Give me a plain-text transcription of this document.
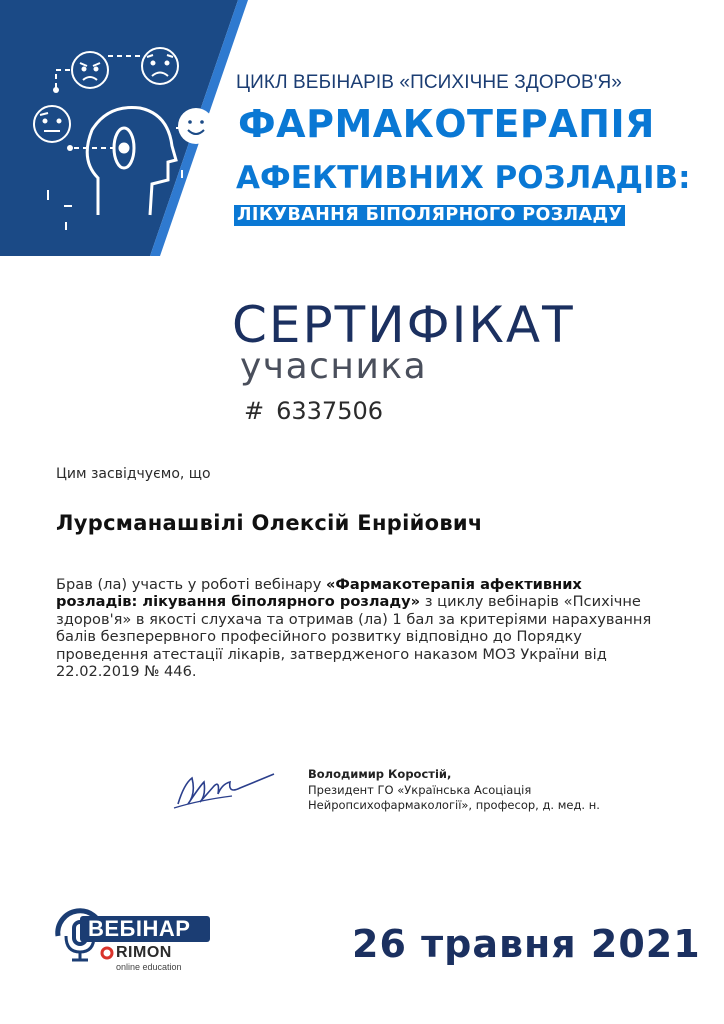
ЦИКЛ ВЕБІНАРІВ «ПСИХІЧНЕ ЗДОРОВ'Я»
ФАРМАКОТЕРАПІЯ
АФЕКТИВНИХ РОЗЛАДІВ:
ЛІКУВАННЯ БІПОЛЯРНОГО РОЗЛАДУ
СЕРТИФІКАТ
учасника
# 6337506
Цим засвідчуємо, що
Лурсманашвілі Олексій Енрійович
Брав (ла) участь у роботі вебінару «Фармакотерапія афективних розладів: лікування біполярного розладу» з циклу вебінарів «Психічне здоров'я» в якості слухача та отримав (ла) 1 бал за критеріями нарахування балів безперервного професійного розвитку відповідно до Порядку проведення атестації лікарів, затвердженого наказом МОЗ України від 22.02.2019 № 446.
Володимир Коростій,
Президент ГО «Українська Асоціація
Нейропсихофармакології», професор, д. мед. н.
ВЕБІНАР
RIMON
online education
26 травня 2021
